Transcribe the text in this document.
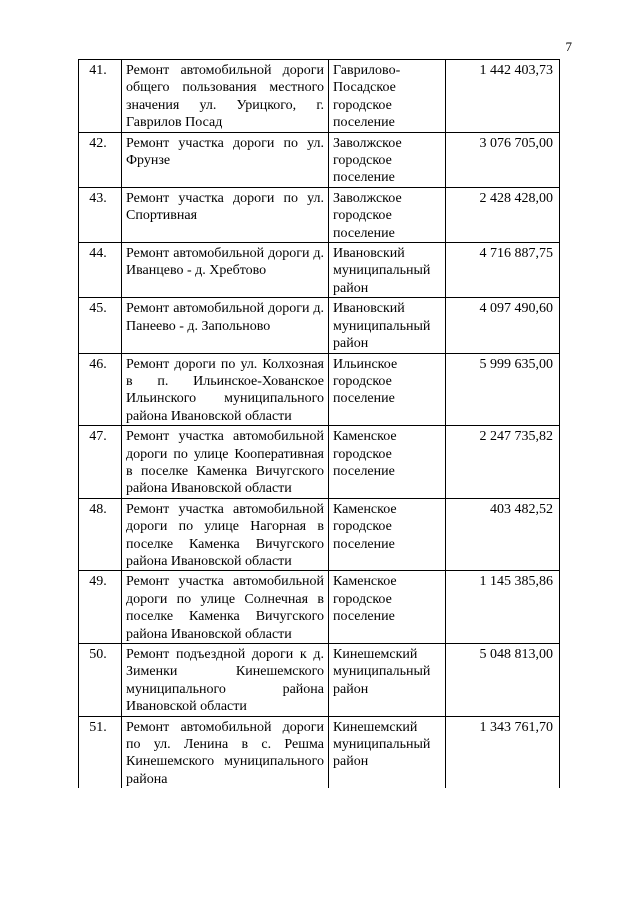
7
41.	Ремонт автомобильной дороги общего пользования местного значения ул. Урицкого, г. Гаврилов Посад	Гаврилово-Посадское городское поселение	1 442 403,73
42.	Ремонт участка дороги по ул. Фрунзе	Заволжское городское поселение	3 076 705,00
43.	Ремонт участка дороги по ул. Спортивная	Заволжское городское поселение	2 428 428,00
44.	Ремонт автомобильной дороги д. Иванцево - д. Хребтово	Ивановский муниципальный район	4 716 887,75
45.	Ремонт автомобильной дороги д. Панеево - д. Запольново	Ивановский муниципальный район	4 097 490,60
46.	Ремонт дороги по ул. Колхозная в п. Ильинское-Хованское Ильинского муниципального района Ивановской области	Ильинское городское поселение	5 999 635,00
47.	Ремонт участка автомобильной дороги по улице Кооперативная в поселке Каменка Вичугского района Ивановской области	Каменское городское поселение	2 247 735,82
48.	Ремонт участка автомобильной дороги по улице Нагорная в поселке Каменка Вичугского района Ивановской области	Каменское городское поселение	403 482,52
49.	Ремонт участка автомобильной дороги по улице Солнечная в поселке Каменка Вичугского района Ивановской области	Каменское городское поселение	1 145 385,86
50.	Ремонт подъездной дороги к д. Зименки Кинешемского муниципального района Ивановской области	Кинешемский муниципальный район	5 048 813,00
51.	Ремонт автомобильной дороги по ул. Ленина в с. Решма Кинешемского муниципального района	Кинешемский муниципальный район	1 343 761,70
